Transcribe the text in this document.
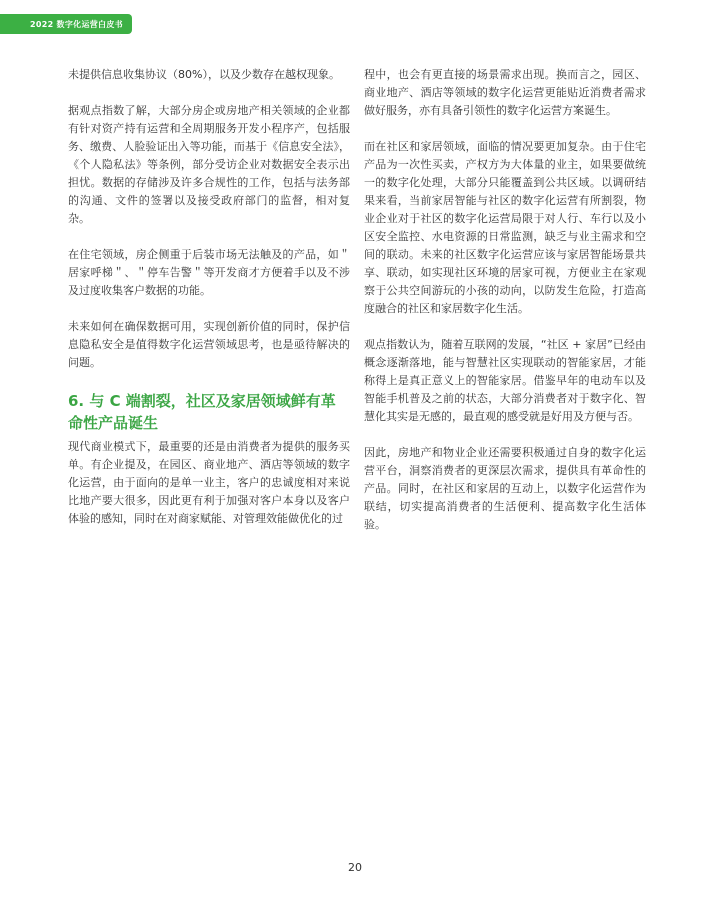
2022 数字化运营白皮书

未提供信息收集协议（80%），以及少数存在越权现象。

据观点指数了解，大部分房企或房地产相关领域的企业都有针对资产持有运营和全周期服务开发小程序产，包括服务、缴费、人脸验证出入等功能，而基于《信息安全法》，《个人隐私法》等条例，部分受访企业对数据安全表示出担忧。数据的存储涉及许多合规性的工作，包括与法务部的沟通、文件的签署以及接受政府部门的监督，相对复杂。

在住宅领域，房企侧重于后装市场无法触及的产品，如＂居家呼梯＂、＂停车告警＂等开发商才方便着手以及不涉及过度收集客户数据的功能。

未来如何在确保数据可用，实现创新价值的同时，保护信息隐私安全是值得数字化运营领域思考，也是亟待解决的问题。

6. 与 C 端割裂，社区及家居领域鲜有革命性产品诞生

现代商业模式下，最重要的还是由消费者为提供的服务买单。有企业提及，在园区、商业地产、酒店等领域的数字化运营，由于面向的是单一业主，客户的忠诚度相对来说比地产要大很多，因此更有利于加强对客户本身以及客户体验的感知，同时在对商家赋能、对管理效能做优化的过

程中，也会有更直接的场景需求出现。换而言之，园区、商业地产、酒店等领域的数字化运营更能贴近消费者需求做好服务，亦有具备引领性的数字化运营方案诞生。

而在社区和家居领域，面临的情况要更加复杂。由于住宅产品为一次性买卖，产权方为大体量的业主，如果要做统一的数字化处理，大部分只能覆盖到公共区域。以调研结果来看，当前家居智能与社区的数字化运营有所割裂，物业企业对于社区的数字化运营局限于对人行、车行以及小区安全监控、水电资源的日常监测，缺乏与业主需求和空间的联动。未来的社区数字化运营应该与家居智能场景共享、联动，如实现社区环境的居家可视，方便业主在家观察于公共空间游玩的小孩的动向，以防发生危险，打造高度融合的社区和家居数字化生活。

观点指数认为，随着互联网的发展，“社区 + 家居”已经由概念逐渐落地，能与智慧社区实现联动的智能家居，才能称得上是真正意义上的智能家居。借鉴早年的电动车以及智能手机普及之前的状态，大部分消费者对于数字化、智慧化其实是无感的，最直观的感受就是好用及方便与否。

因此，房地产和物业企业还需要积极通过自身的数字化运营平台，洞察消费者的更深层次需求，提供具有革命性的产品。同时，在社区和家居的互动上，以数字化运营作为联结，切实提高消费者的生活便利、提高数字化生活体验。

20
